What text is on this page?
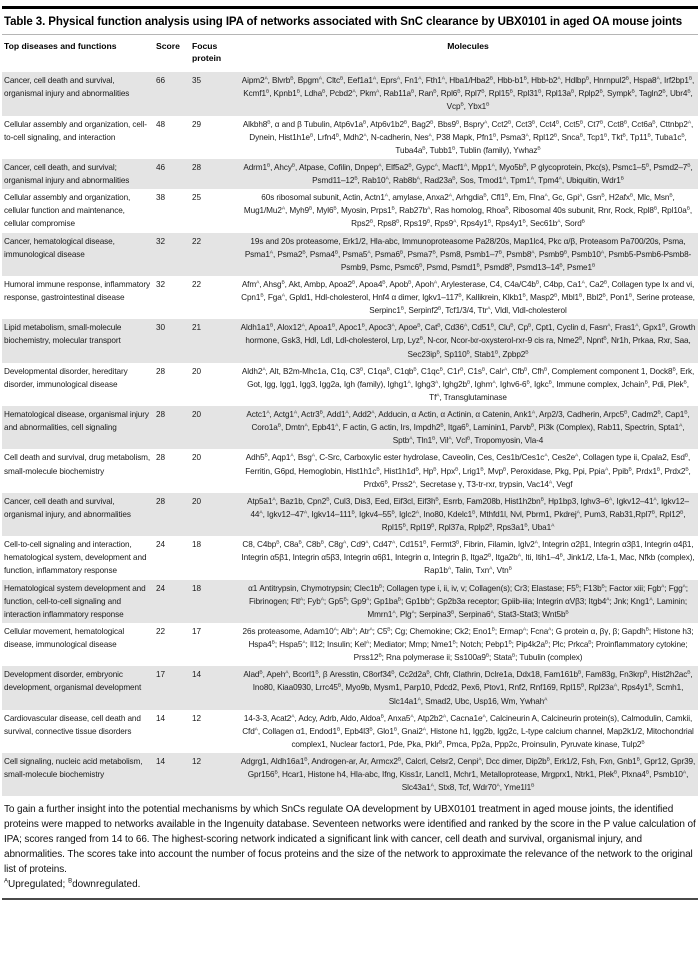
Table 3. Physical function analysis using IPA of networks associated with SnC clearance by UBX0101 in aged OA mouse joints
Top diseases and functions	Score	Focus protein	Molecules
Cancer, cell death and survival, organismal injury and abnormalities	66	35	$Aipm2^A$, Blvrb$^B$, Bpgm$^A$, Cltc$^B$, $Eef1a1^A$, Eprs$^A$, $Fn1^A$, $Fth1^A$, $Hba1/Hba2^B$, Hbb-$b1^B$, Hbb-$b2^A$, Hdlbp$^B$, $Hnrnpul2^B$, $Hspa8^A$, $Irf2bp1^B$, $Kcmf1^B$, $Kpnb1^B$, Ldha$^B$, $Pcbd2^A$, Pkm$^A$, $Rab11a^B$, Ran$^B$, $Rpl6^B$, $Rpl7^B$, $Rpl15^B$, $Rpl31^B$, $Rpl13a^B$, $Rplp2^B$, Sympk$^B$, $Tagln2^B$, $Ubr4^B$, Vcp$^B$, $Ybx1^B$
Cellular assembly and organization, cell-to-cell signaling, and interaction	48	29	$Alkbh8^B$, α and β Tubulin, $Atp6v1a^B$, $Atp6v1b2^B$, $Bag2^B$, $Bbs9^B$, Bspry$^A$, $Cct2^B$, $Cct3^B$, $Cct4^B$, $Cct5^B$, $Ct7^B$, $Cct8^B$, $Cct6a^B$, $Cttnbp2^A$, Dynein, $Hist1h1e^B$, $Lrfn4^B$, $Mdh2^A$, N-cadherin, Nes$^A$, P38 Mapk, $Pfn1^B$, $Psma3^A$, $Rpl12^B$, Snca$^B$, $Tcp1^B$, Tkt$^B$, $Tp11^B$, $Tuba1c^B$, $Tuba4a^B$, $Tubb1^B$, Tublin (family), Ywhaz$^B$
Cancer, cell death, and survival; organismal injury and abnormalities	46	28	$Adrm1^B$, Ahcy$^B$, Atpase, Cofilin, Dnpep$^A$, $Elf5a2^B$, Gypc$^A$, $Macf1^A$, $Mpp1^A$, $Myo5b^B$, P glycoprotein, Pkc(s), $Psmc1-5^B$, $Psmd2-7^B$, $Psmd11-12^B$, $Rab10^A$, $Rab8b^A$, $Rad23a^B$, Sos, $Tmod1^A$, $Tpm1^A$, $Tpm4^A$, Ubiquitin, $Wdr1^B$
Cellular assembly and organization, cellular function and maintenance, cellular compromise	38	25	60s ribosomal subunit, Actin, $Actn1^A$, amylase, $Anxa2^A$, Arhgdia$^B$, $Cfl1^B$, Em, Flna$^A$, Gc, Gpi$^A$, Gsn$^B$, H2afx$^B$, Mlc, Msn$^B$, $Mug1/Mu2^A$, $Myh9^B$, $Myl6^B$, Myosin, $Prps1^B$, $Rab27b^A$, Ras homolog, Rhoa$^B$, Ribosomal 40s subunit, Rnr, Rock, $Rpl8^B$, $Rpl10a^B$, $Rps2^B$, $Rps8^B$, $Rps19^B$, $Rps9^A$, $Rps4y1^B$, $Rps4y1^B$, $Sec61b^A$, Sord$^B$
Cancer, hematological disease, immunological disease	32	22	19s and 20s proteasome, Erk1/2, Hla-abc, Immunoproteasome Pa28/20s, Map1lc4, Pkc α/β, Proteasom Pa700/20s, Psma, $Psma1^A$, $Psma2^B$, $Psma4^B$, $Psma5^A$, $Psma6^B$, $Psma7^B$, Psm8, $Psmb1-7^B$, $Psmb8^A$, $Psmb9^B$, $Psmb10^A$, Psmb5-Psmb6-Psmb8-Psmb9, Psmc, $Psmc6^B$, Psmd, $Psmd1^B$, $Psmd8^B$, $Psmd13-14^B$, $Psme1^B$
Humoral immune response, inflammatory response, gastrointestinal disease	32	22	Afm$^A$, Ahsg$^B$, Akt, Ambp, $Apoa2^B$, $Apoa4^B$, Apob$^B$, Apoh$^A$, Arylesterase, C4, $C4a/C4b^B$, C4bp, $Ca1^A$, $Ca2^B$, Collagen type Ix and vi, $Cpn1^B$, Fga$^A$, Gpld1, Hdl-cholesterol, Hnf4 α dimer, $Igkv1-117^B$, Kallikrein, $Klkb1^B$, $Masp2^B$, $Mbl1^B$, $Bbl2^B$, $Pon1^B$, Serine protease, $Serpinc1^B$, $Serpinf2^B$, Tcf1/3/4, Ttr$^A$, Vldl, Vldl-cholesterol
Lipid metabolism, small-molecule biochemistry, molecular transport	30	21	$Aldh1a1^B$, $Alox12^A$, $Apoa1^B$, $Apoc1^B$, $Apoc3^A$, Apoe$^B$, Cat$^B$, $Cd36^A$, $Cd51^B$, Clu$^B$, $Cp^B$, Cpt1, Cyclin d, Fasn$^A$, $Fras1^A$, $Gpx1^B$, Growth hormone, Gsk3, Hdl, Ldl, Ldl-cholesterol, Lrp, Lyz$^B$, N-cor, Ncor-lxr-oxysterol-rxr-9 cis ra, $Nme2^B$, Npnt$^B$, Nr1h, Prkaa, Rxr, Saa, $Sec23ip^B$, $Sp110^B$, $Stab1^B$, $Zpbp2^B$
Developmental disorder, hereditary disorder, immunological disease	28	20	$Aldh2^A$, Alt, B2m-Mhc1a, C1q, $C3^B$, $C1qa^B$, $C1qb^B$, $C1qc^B$, $C1r^B$, $C1s^B$, Calr$^A$, Cfb$^B$, Cfh$^B$, Complement component 1, $Dock8^B$, Erk, Got, Igg, Igg1, Igg3, Igg2a, Igh (family), $Ighg1^A$, $Ighg3^A$, $Ighg2b^B$, Ighm$^A$, $Ighv6-6^B$, Igkc$^B$, Immune complex, Jchain$^B$, Pdi, Plek$^B$, $Tf^A$, Transglutaminase
Hematological disease, organismal injury and abnormalities, cell signaling	28	20	$Actc1^A$, $Actg1^A$, $Actr3^B$, $Add1^A$, $Add2^A$, Adducin, α Actin, α Actinin, α Catenin, $Ank1^A$, Arp2/3, Cadherin, $Arpc5^B$, $Cadm2^B$, $Cap1^B$, $Coro1a^B$, Dmtn$^A$, $Epb41^A$, F actin, G actin, Irs, $Impdh2^B$, $Itga6^B$, Laminin1, Parvb$^B$, Pi3k (Complex), Rab11, Spectrin, $Spta1^A$, Sptb$^A$, $Tln1^B$, Vil$^A$, Vcl$^B$, Tropomyosin, Vla-4
Cell death and survival, drug metabolism, small-molecule biochemistry	28	20	$Adh5^B$, $Aqp1^A$, Bsg$^A$, C-Src, Carboxylic ester hydrolase, Caveolin, Ces, $Ces1b/Ces1c^A$, $Ces2e^A$, Collagen type ii, Cpala2, Esd$^B$, Ferritin, G6pd, Hemoglobin, $Hist1h1c^B$, $Hist1h1d^B$, $Hp^B$, Hpx$^B$, $Lrig1^B$, Mvp$^B$, Peroxidase, Pkg, Ppi, Ppia$^A$, Ppib$^B$, $Prdx1^B$, $Prdx2^B$, $Prdx6^B$, $Prss2^A$, Secretase γ, T3-tr-rxr, trypsin, $Vac14^A$, Vegf
Cancer, cell death and survival, organismal injury, and abnormalities	28	20	$Atp5a1^A$, Baz1b, $Cpn2^B$, Cul3, Dis3, Eed, Eif3cl, $Eif3h^B$, Esrrb, Fam208b, $Hist1h2bn^B$, Hp1bp3, $Ighv3-6^A$, $Igkv12-41^A$, $Igkv12-44^A$, $Igkv12-47^A$, $Igkv14-111^B$, $Igkv4-55^B$, $Iglc2^A$, Ino80, $Kdelc1^B$, Mthfd1l, Nvl, Pbrm1, Pkdrej$^A$, Pum3, $Rab31,Rpl7^B$, $Rpl12^B$, $Rpl15^B$, $Rpl19^B$, Rpl37a, $Rplp2^B$, $Rps3a1^B$, $Uba1^A$
Cell-to-cell signaling and interaction, hematological system, development and function, inflammatory response	24	18	C8, $C4bp^B$, $C8a^B$, $C8b^B$, $C8g^A$, $Cd9^A$, $Cd47^A$, $Cd151^B$, $Fermt3^B$, Fibrin, Filamin, $Iglv2^A$, Integrin α2β1, Integrin α3β1, Integrin α4β1, Integrin α5β1, Integrin α5β3, Integrin α6β1, Integrin α, Integrin β, $Itga2^B$, $Itga2b^A$, Iti, $Itih1-4^B$, Jink1/2, Lfa-1, Mac, Nfkb (complex), $Rap1b^A$, Talin, Txn$^A$, Vtn$^B$
Hematological system development and function, cell-to-cell signaling and interaction inflammatory response	24	18	α1 Antitrypsin, Chymotrypsin; $Clec1b^B$; Collagen type i, ii, iv, v; Collagen(s); Cr3; Elastase; $F5^B$; $F13b^B$; Factor xiii; Fgb$^A$; Fgg$^A$; Fibrinogen; Ftl$^A$; Fyb$^A$; $Gp5^B$; $Gp9^A$; $Gp1ba^B$; $Gp1bb^A$; Gp2b3a receptor; Gpiib-iiia; Integrin αVβ3; $Itgb4^A$; Jnk; $Kng1^A$, Laminin; $Mmrn1^A$, Plg$^A$; $Serpina3^B$, $Serpina6^A$, Stat3-Stat3; $Wnt5b^B$
Cellular movement, hematological disease, immunological disease	22	17	26s proteasome, $Adam10^A$; Alb$^A$; Atr$^A$; $C5^B$; Cg; Chemokine; Ck2; $Eno1^B$; Ermap$^A$; Fcna$^A$; G protein α, βγ, β; Gapdh$^B$; Histone h3; $Hspa4^B$; $Hspa5^A$; Il12; Insulin; Kel$^A$; Mediator; Mmp; $Nme1^B$; Notch; $Pebp1^B$; $Pip4k2a^B$; Plc; Prkca$^B$; Proinflammatory cytokine; $Prss12^B$; Rna polymerase ii; $Ss100a9^B$; Stata$^B$; Tubulin (complex)
Development disorder, embryonic development, organismal development	17	14	Alad$^B$, Apeh$^A$, $Bcorl1^B$, β Aresstin, $C8orf34^B$, $Cc2d2a^B$, Chfr, Clathrin, Dclre1a, Ddx18, $Fam161b^B$, Fam83g, Fn3krp$^B$, $Hist2h2ac^B$, Ino80, Kiaa0930, $Lrrc45^B$, Myo9b, Mysm1, Parp10, Pdcd2, Pex6, Ptov1, Rnf2, Rnf169, $Rpl15^B$, $Rpl23a^A$, $Rps4y1^B$, Scmh1, $Slc14a1^A$, Smad2, Ubc, Usp16, Wm, Ywhah$^A$
Cardiovascular disease, cell death and survival, connective tissue disorders	14	12	14-3-3, $Acat2^A$, Adcy, Adrb, Aldo, Aldoa$^B$, $Anxa5^A$, $Atp2b2^A$, $Cacna1e^A$, Calcineurin A, Calcineurin protein(s), Calmodulin, Camkii, Cfd$^A$, Collagen α1, $Endod1^B$, $Epb4l3^B$, $Glo1^B$, $Gnai2^A$, Histone h1, Igg2b, Igg2c, L-type calcium channel, Map2k1/2, Mitochondrial complex1, Nuclear factor1, Pde, Pka, Pklr$^B$, Pmca, Pp2a, Ppp2c, Proinsulin, Pyruvate kinase, $Tulp2^B$
Cell signaling, nucleic acid metabolism, small-molecule biochemistry	14	12	Adgrg1, $Aldh16a1^B$, Androgen-ar, Ar, $Armcx2^B$, Calcrl, Celsr2, Cenpi$^A$, Dcc dimer, $Dip2b^B$, Erk1/2, Fsh, Fxn, $Gnb1^B$, Gpr12, Gpr39, $Gpr156^B$, Hcar1, Histone h4, Hla-abc, Ifng, Kiss1r, Lancl1, Mchr1, Metalloprotease, Mrgprx1, Ntrk1, Plek$^B$, $Plxna4^B$, $Psmb10^A$, $Slc43a1^A$, Stx8, Tcf, $Wdr70^A$, $Yme1l1^B$

To gain a further insight into the potential mechanisms by which SnCs regulate OA development by UBX0101 treatment in aged mouse joints, the identified proteins were mapped to networks available in the Ingenuity database. Seventeen networks were identified and ranked by the score in the P value calculation of IPA; scores ranged from 14 to 66. The highest-scoring network indicated a significant link with cancer, cell death and survival, organismal injury, and abnormalities. The scores take into account the number of focus proteins and the size of the network to approximate the relevance of the network to the original list of proteins.

$^A$Upregulated; $^B$downregulated.
